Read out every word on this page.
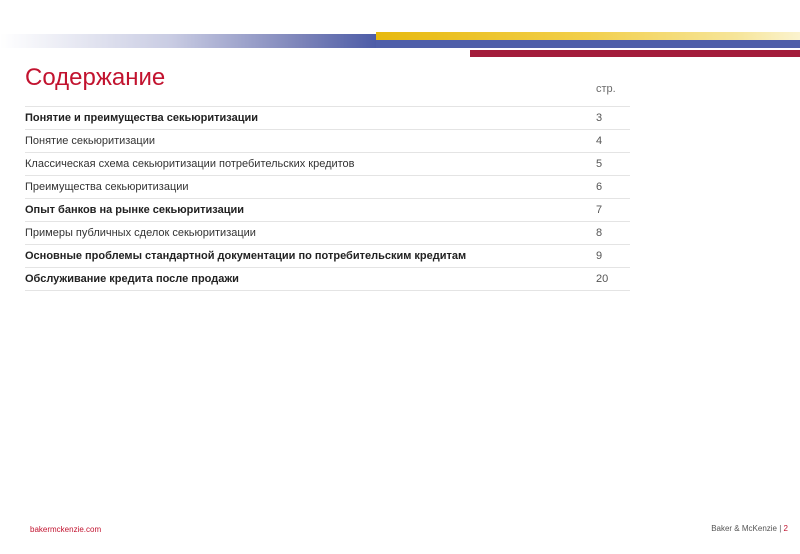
Содержание	стр.
Понятие и преимущества секьюритизации	3
Понятие секьюритизации	4
Классическая схема секьюритизации потребительских кредитов	5
Преимущества секьюритизации	6
Опыт банков на рынке секьюритизации	7
Примеры публичных сделок секьюритизации	8
Основные проблемы стандартной документации по потребительским кредитам	9
Обслуживание кредита после продажи	20
bakermckenzie.com	Baker & McKenzie | 2
